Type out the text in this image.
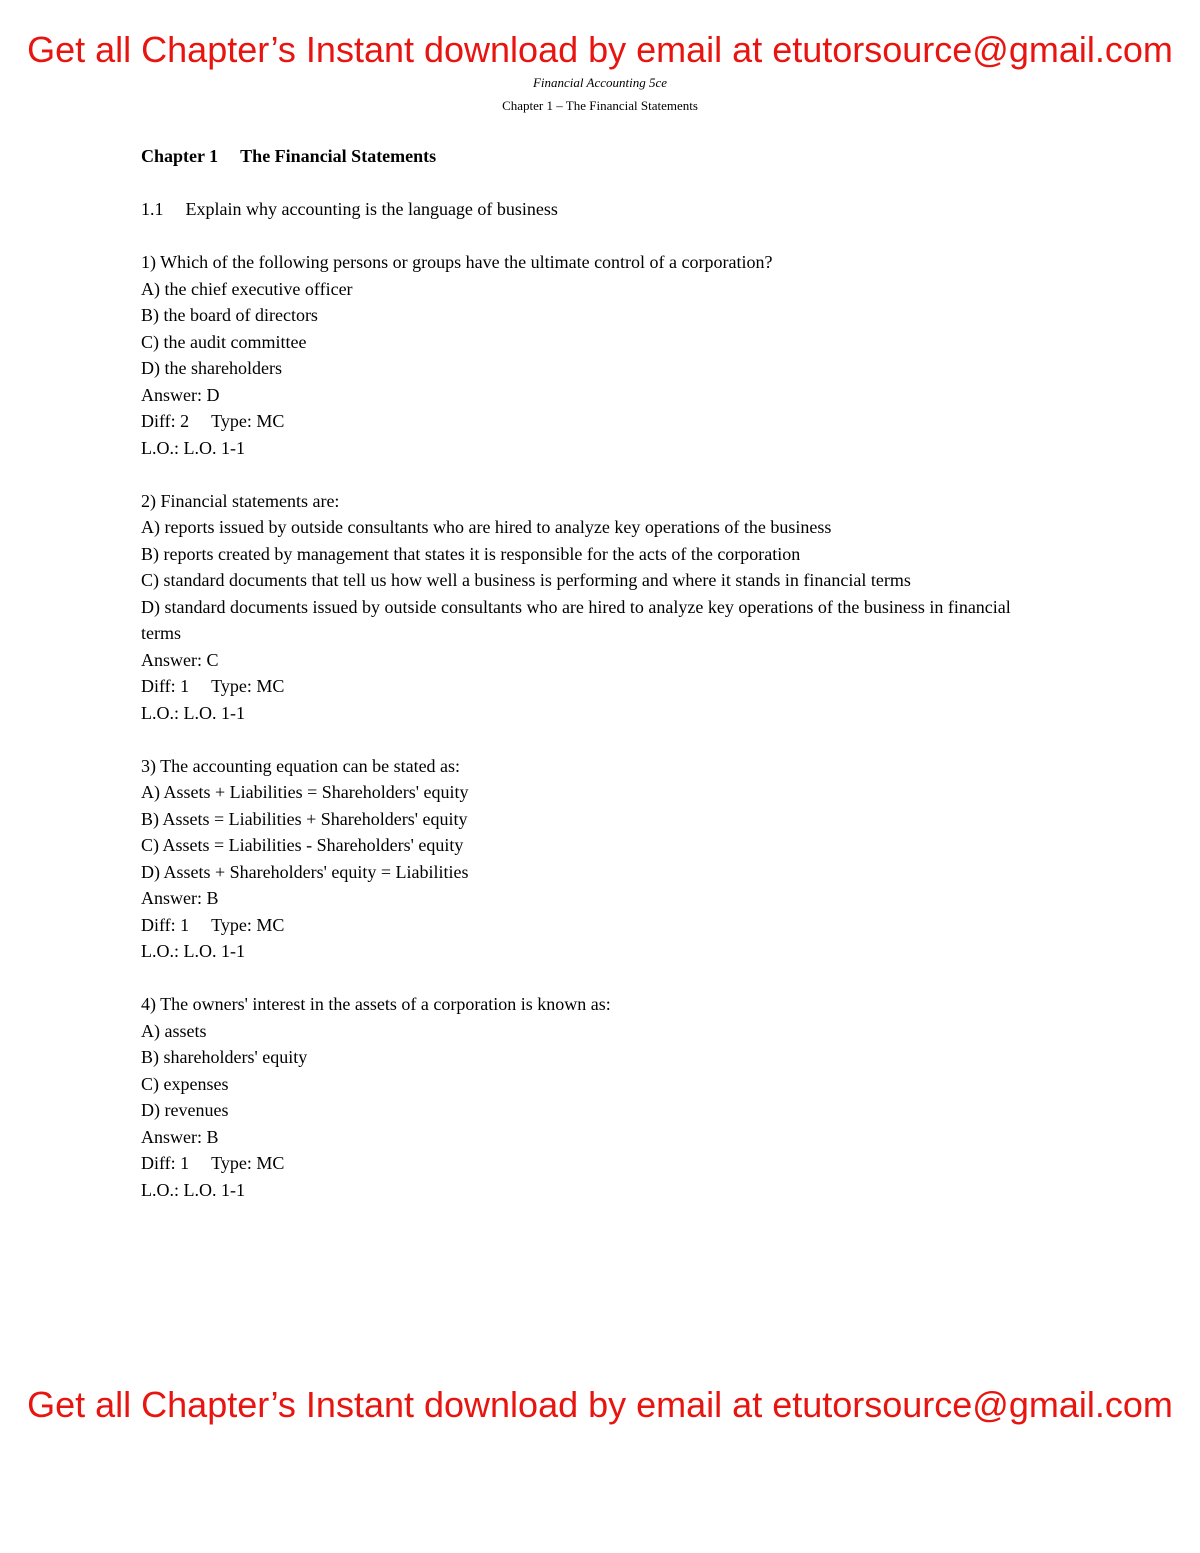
Get all Chapter’s Instant download by email at etutorsource@gmail.com
Financial Accounting 5ce
Chapter 1 – The Financial Statements

Chapter 1 The Financial Statements

1.1 Explain why accounting is the language of business

1) Which of the following persons or groups have the ultimate control of a corporation?

A) the chief executive officer

B) the board of directors

C) the audit committee

D) the shareholders

Answer: D

Diff: 2 Type: MC

L.O.: L.O. 1-1

2) Financial statements are:

A) reports issued by outside consultants who are hired to analyze key operations of the business

B) reports created by management that states it is responsible for the acts of the corporation

C) standard documents that tell us how well a business is performing and where it stands in financial terms

D) standard documents issued by outside consultants who are hired to analyze key operations of the business in financial terms

Answer: C

Diff: 1 Type: MC

L.O.: L.O. 1-1

3) The accounting equation can be stated as:

A) Assets + Liabilities = Shareholders' equity

B) Assets = Liabilities + Shareholders' equity

C) Assets = Liabilities - Shareholders' equity

D) Assets + Shareholders' equity = Liabilities

Answer: B

Diff: 1 Type: MC

L.O.: L.O. 1-1

4) The owners' interest in the assets of a corporation is known as:

A) assets

B) shareholders' equity

C) expenses

D) revenues

Answer: B

Diff: 1 Type: MC

L.O.: L.O. 1-1

Get all Chapter’s Instant download by email at etutorsource@gmail.com
